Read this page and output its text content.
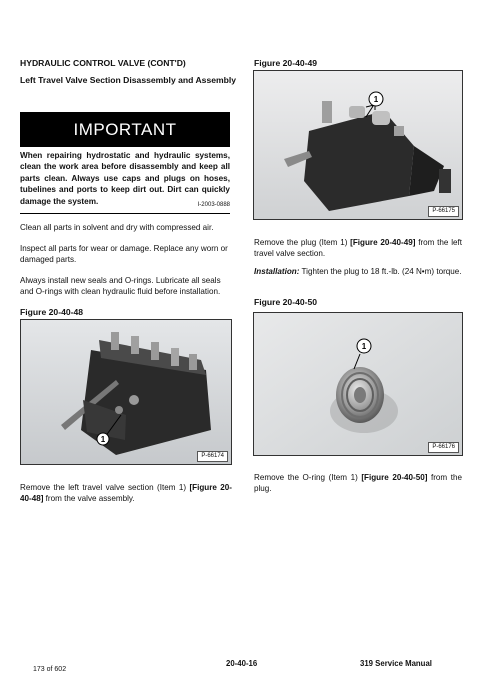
HYDRAULIC CONTROL VALVE (CONT'D)
Left Travel Valve Section Disassembly and Assembly
IMPORTANT
When repairing hydrostatic and hydraulic systems, clean the work area before disassembly and keep all parts clean. Always use caps and plugs on hoses, tubelines and ports to keep dirt out. Dirt can quickly damage the system.	I-2003-0888
Clean all parts in solvent and dry with compressed air.
Inspect all parts for wear or damage. Replace any worn or damaged parts.
Always install new seals and O-rings. Lubricate all seals and O-rings with clean hydraulic fluid before installation.
Figure 20-40-48
1
P-66174
Remove the left travel valve section (Item 1) [Figure 20-40-48] from the valve assembly.
Figure 20-40-49
1
P-66175
Remove the plug (Item 1) [Figure 20-40-49] from the left travel valve section.
Installation: Tighten the plug to 18 ft.-lb. (24 N•m) torque.
Figure 20-40-50
1
P-66176
Remove the O-ring (Item 1) [Figure 20-40-50] from the plug.
20-40-16	319 Service Manual
173 of 602
